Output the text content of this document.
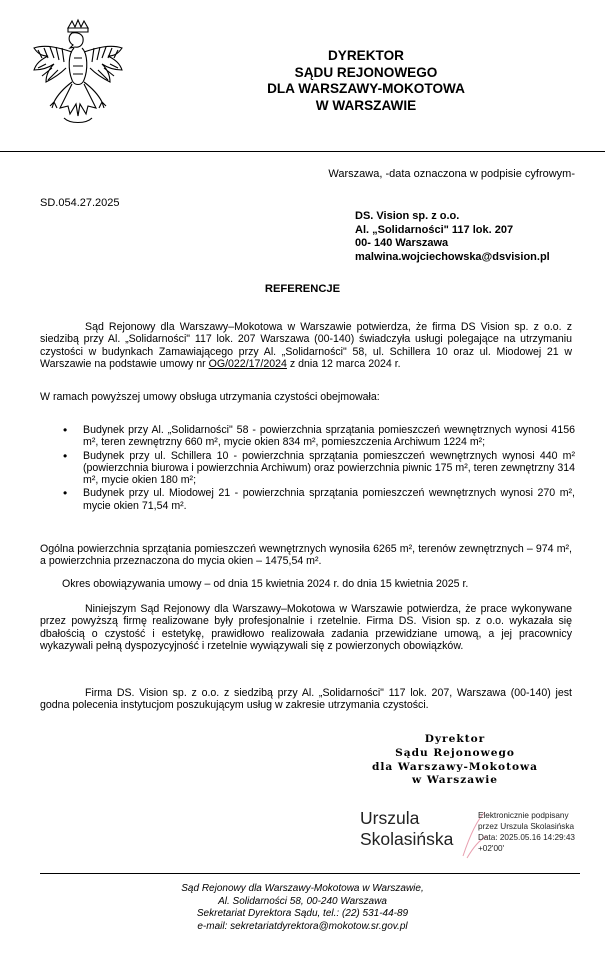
DYREKTOR
SĄDU REJONOWEGO
DLA WARSZAWY-MOKOTOWA
W WARSZAWIE
Warszawa, -data oznaczona w podpisie cyfrowym-
SD.054.27.2025
DS. Vision sp. z o.o.
Al. „Solidarności" 117 lok. 207
00- 140 Warszawa
malwina.wojciechowska@dsvision.pl
REFERENCJE
Sąd Rejonowy dla Warszawy–Mokotowa w Warszawie potwierdza, że firma DS Vision sp. z o.o. z siedzibą przy Al. „Solidarności" 117 lok. 207 Warszawa (00-140) świadczyła usługi polegające na utrzymaniu czystości w budynkach Zamawiającego przy Al. „Solidarności" 58, ul. Schillera 10 oraz ul. Miodowej 21 w Warszawie na podstawie umowy nr OG/022/17/2024 z dnia 12 marca 2024 r.
W ramach powyższej umowy obsługa utrzymania czystości obejmowała:
• Budynek przy Al. „Solidarności" 58 - powierzchnia sprzątania pomieszczeń wewnętrznych wynosi 4156 m², teren zewnętrzny 660 m², mycie okien 834 m², pomieszczenia Archiwum 1224 m²;
• Budynek przy ul. Schillera 10 - powierzchnia sprzątania pomieszczeń wewnętrznych wynosi 440 m² (powierzchnia biurowa i powierzchnia Archiwum) oraz powierzchnia piwnic 175 m², teren zewnętrzny 314 m², mycie okien 180 m²;
• Budynek przy ul. Miodowej 21 - powierzchnia sprzątania pomieszczeń wewnętrznych wynosi 270 m², mycie okien 71,54 m².
Ogólna powierzchnia sprzątania pomieszczeń wewnętrznych wynosiła 6265 m², terenów zewnętrznych – 974 m², a powierzchnia przeznaczona do mycia okien – 1475,54 m².
Okres obowiązywania umowy – od dnia 15 kwietnia 2024 r. do dnia 15 kwietnia 2025 r.
Niniejszym Sąd Rejonowy dla Warszawy–Mokotowa w Warszawie potwierdza, że prace wykonywane przez powyższą firmę realizowane były profesjonalnie i rzetelnie. Firma DS. Vision sp. z o.o. wykazała się dbałością o czystość i estetykę, prawidłowo realizowała zadania przewidziane umową, a jej pracownicy wykazywali pełną dyspozycyjność i rzetelnie wywiązywali się z powierzonych obowiązków.
Firma DS. Vision sp. z o.o. z siedzibą przy Al. „Solidarności" 117 lok. 207, Warszawa (00-140) jest godna polecenia instytucjom poszukującym usług w zakresie utrzymania czystości.
Dyrektor
Sądu Rejonowego
dla Warszawy-Mokotowa
w Warszawie
Urszula
Skolasińska
Elektronicznie podpisany
przez Urszula Skolasińska
Data: 2025.05.16 14:29:43
+02'00'
Sąd Rejonowy dla Warszawy-Mokotowa w Warszawie,
Al. Solidarności 58, 00-240 Warszawa
Sekretariat Dyrektora Sądu, tel.: (22) 531-44-89
e-mail: sekretariatdyrektora@mokotow.sr.gov.pl
